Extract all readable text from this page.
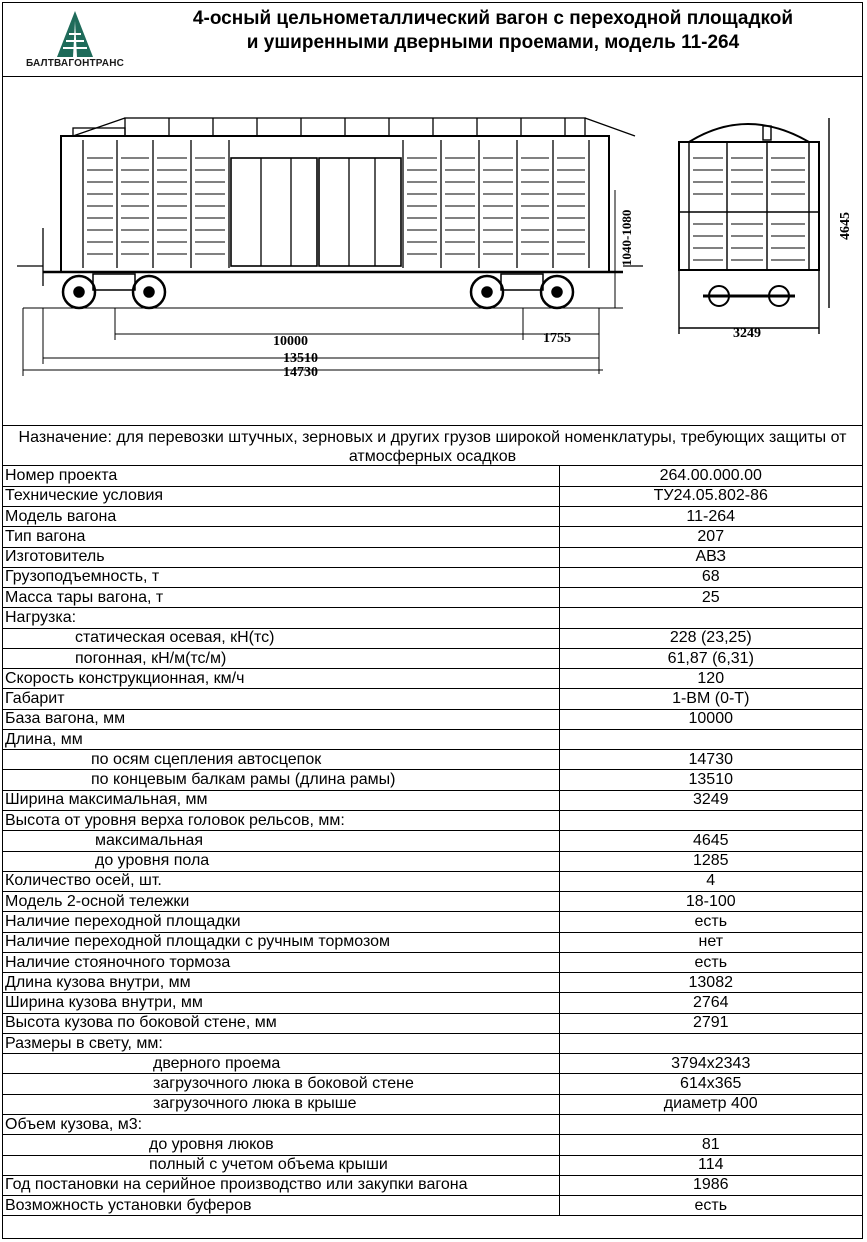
БАЛТВАГОНТРАНС
4-осный цельнометаллический вагон с переходной площадкой
и уширенными дверными проемами, модель 11-264
10000	1755
13510
14730
1040-1080	4645
3249
Назначение: для перевозки штучных, зерновых и других грузов широкой номенклатуры, требующих защиты от атмосферных осадков
Номер проекта	264.00.000.00
Технические условия	ТУ24.05.802-86
Модель вагона	11-264
Тип вагона	207
Изготовитель	АВЗ
Грузоподъемность, т	68
Масса тары вагона, т	25
Нагрузка:	
статическая осевая, кН(тс)	228 (23,25)
погонная, кН/м(тс/м)	61,87 (6,31)
Скорость конструкционная, км/ч	120
Габарит	1-ВМ (0-Т)
База вагона, мм	10000
Длина, мм	
по осям сцепления автосцепок	14730
по концевым балкам рамы (длина рамы)	13510
Ширина максимальная, мм	3249
Высота от уровня верха головок рельсов, мм:	
максимальная	4645
до уровня пола	1285
Количество осей, шт.	4
Модель 2-осной тележки	18-100
Наличие переходной площадки	есть
Наличие переходной площадки с ручным тормозом	нет
Наличие стояночного тормоза	есть
Длина кузова внутри, мм	13082
Ширина кузова внутри, мм	2764
Высота кузова по боковой стене, мм	2791
Размеры в свету, мм:	
дверного проема	3794х2343
загрузочного люка в боковой стене	614х365
загрузочного люка в крыше	диаметр 400
Объем кузова, м3:	
до уровня люков	81
полный с учетом объема крыши	114
Год постановки на серийное производство или закупки вагона	1986
Возможность установки буферов	есть
